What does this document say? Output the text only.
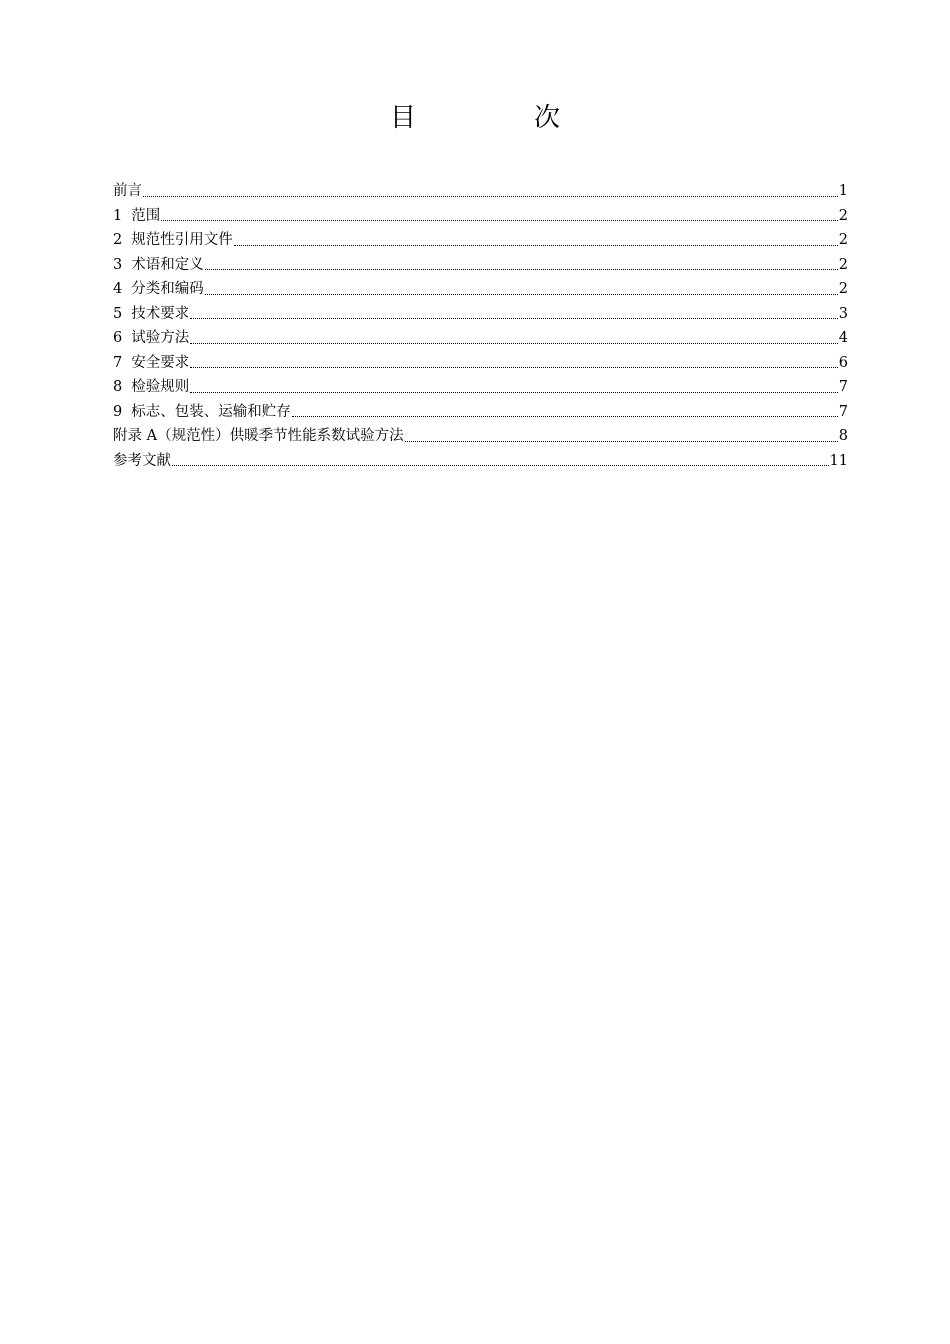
目　次
前言	1
1 范围	2
2 规范性引用文件	2
3 术语和定义	2
4 分类和编码	2
5 技术要求	3
6 试验方法	4
7 安全要求	6
8 检验规则	7
9 标志、包装、运输和贮存	7
附录 A（规范性）供暖季节性能系数试验方法	8
参考文献	11
